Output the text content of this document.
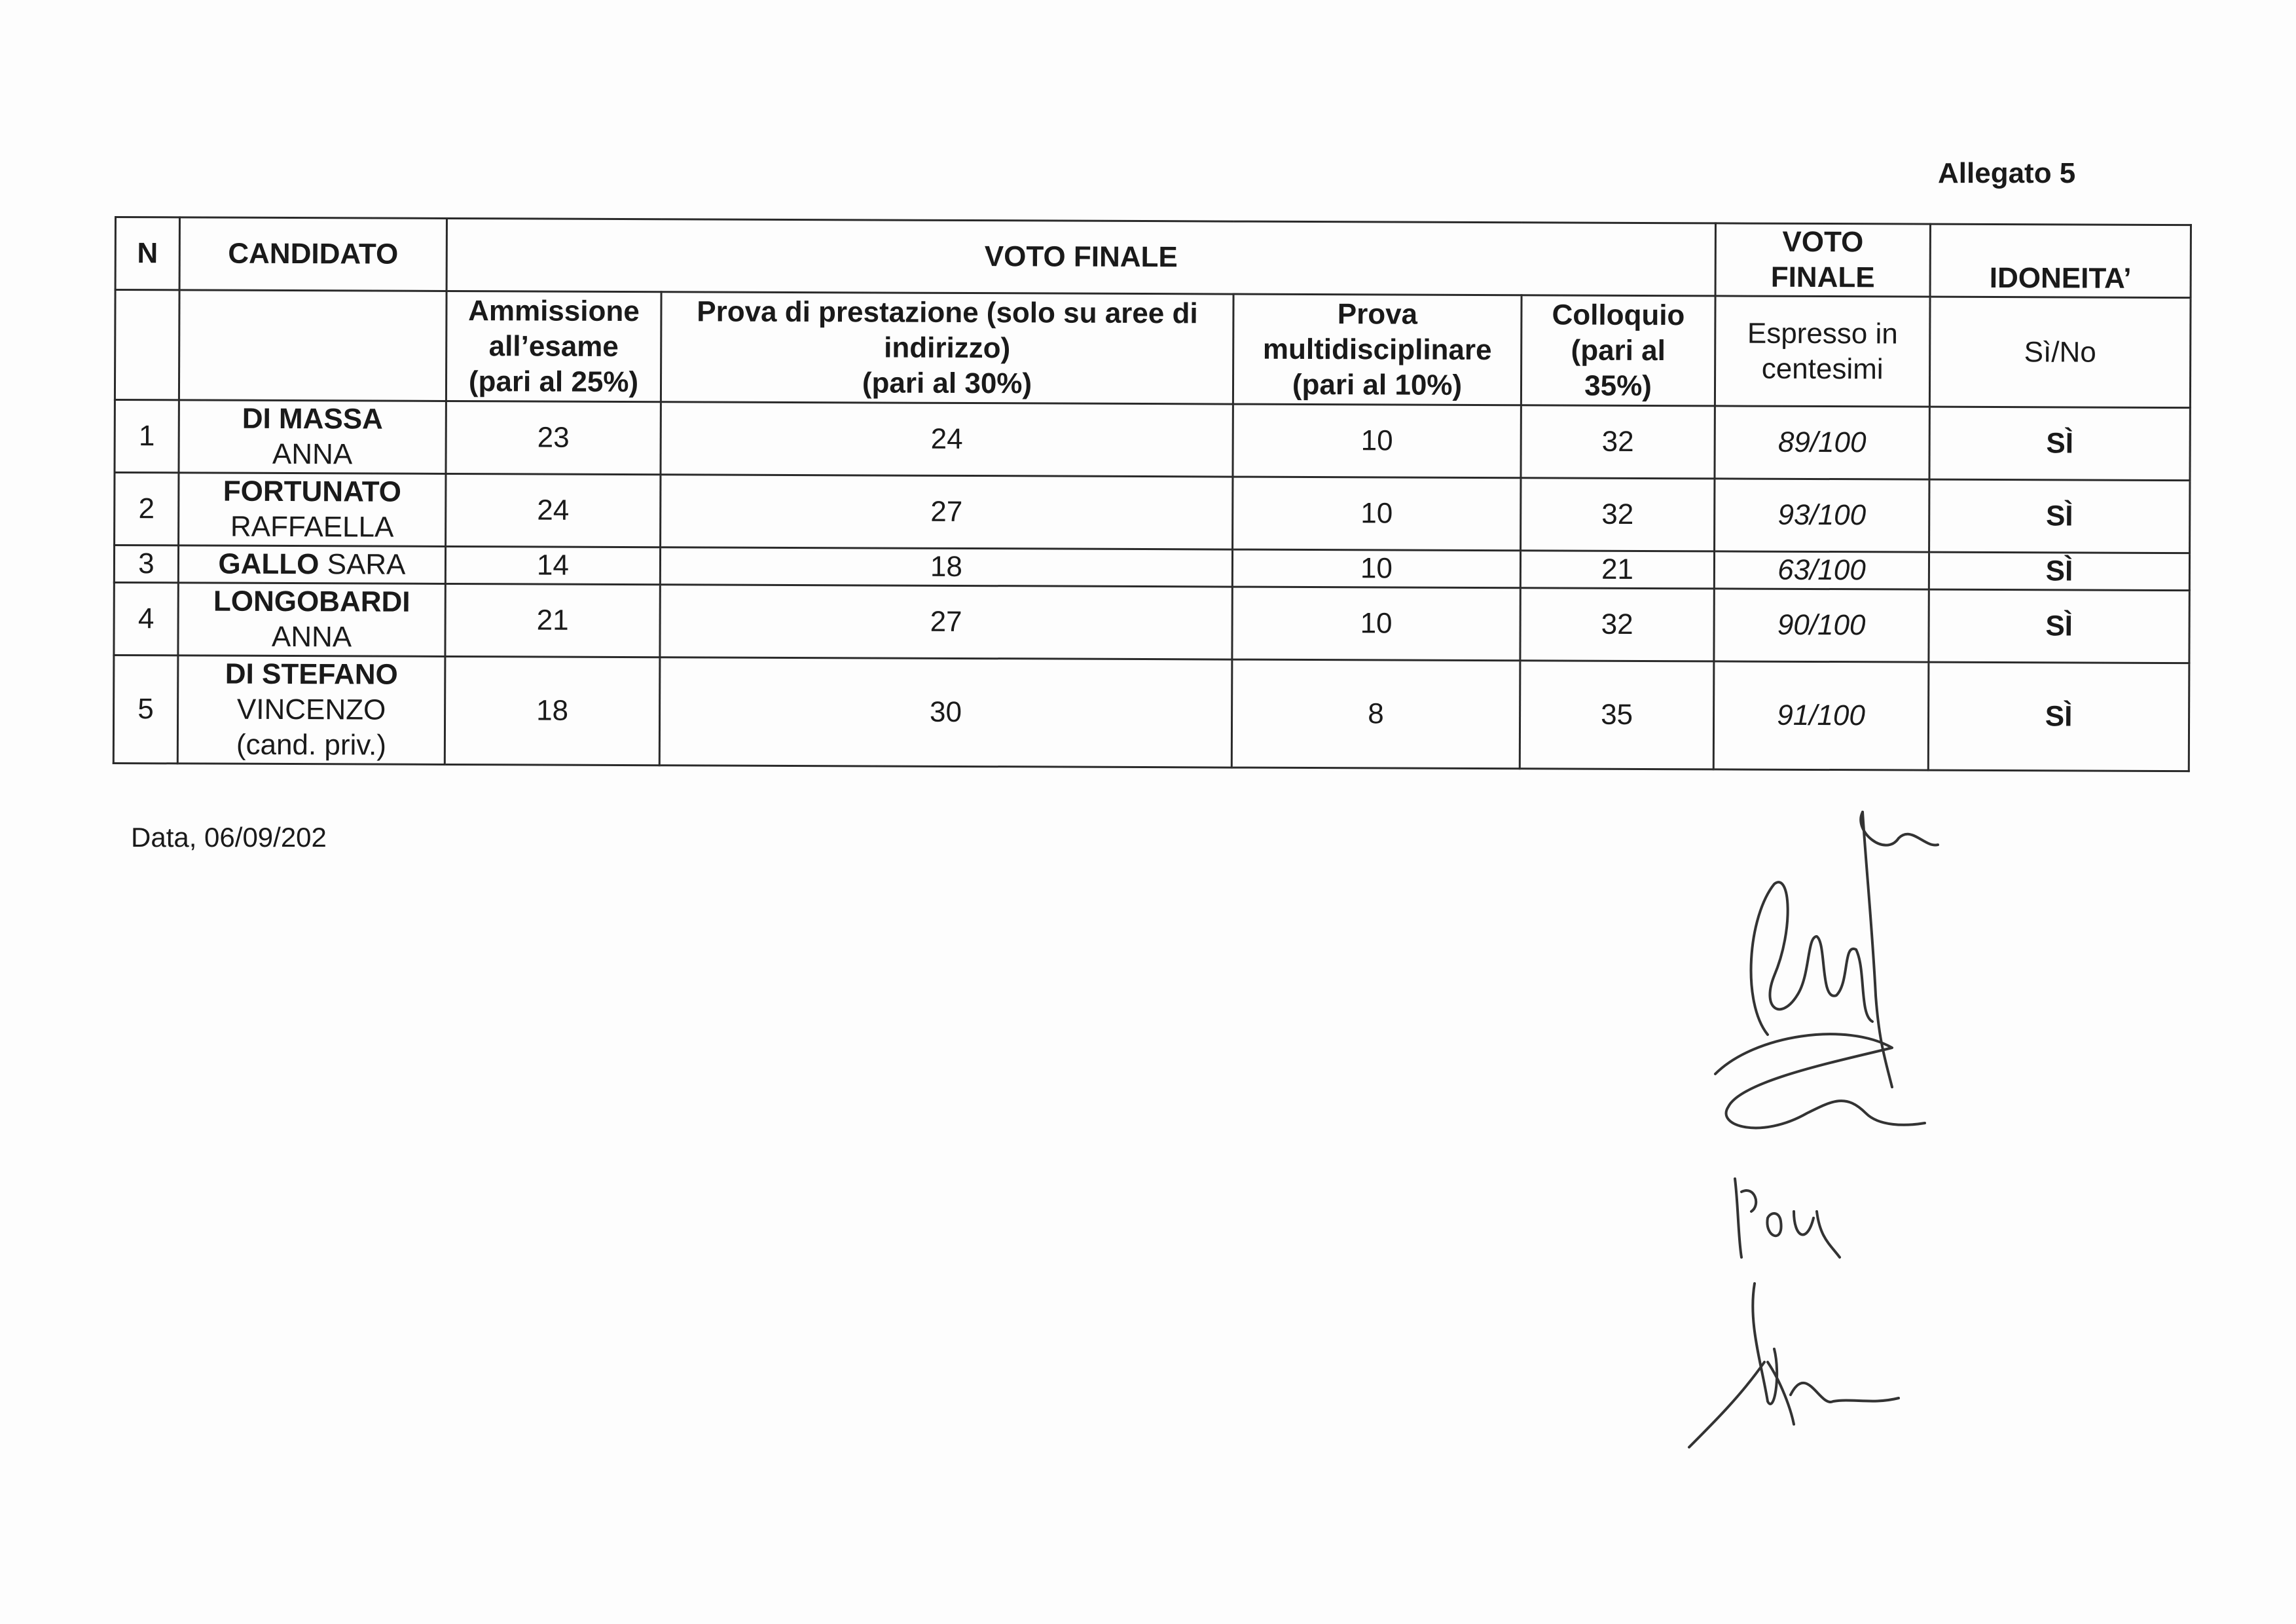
Allegato 5
N	CANDIDATO	VOTO FINALE				VOTO
FINALE	IDONEITA’

		Ammissione
all’esame
(pari al 25%)	Prova di prestazione (solo su aree di
indirizzo)
(pari al 30%)	Prova
multidisciplinare
(pari al 10%)	Colloquio
(pari al
35%)	Espresso in
centesimi	Sì/No
1	DI MASSA
ANNA	23	24	10	32	89/100	SÌ
2	FORTUNATO
RAFFAELLA	24	27	10	32	93/100	SÌ
3	GALLO SARA	14	18	10	21	63/100	SÌ
4	LONGOBARDI
ANNA	21	27	10	32	90/100	SÌ
5	DI STEFANO
VINCENZO
(cand. priv.)	18	30	8	35	91/100	SÌ
Data, 06/09/202
